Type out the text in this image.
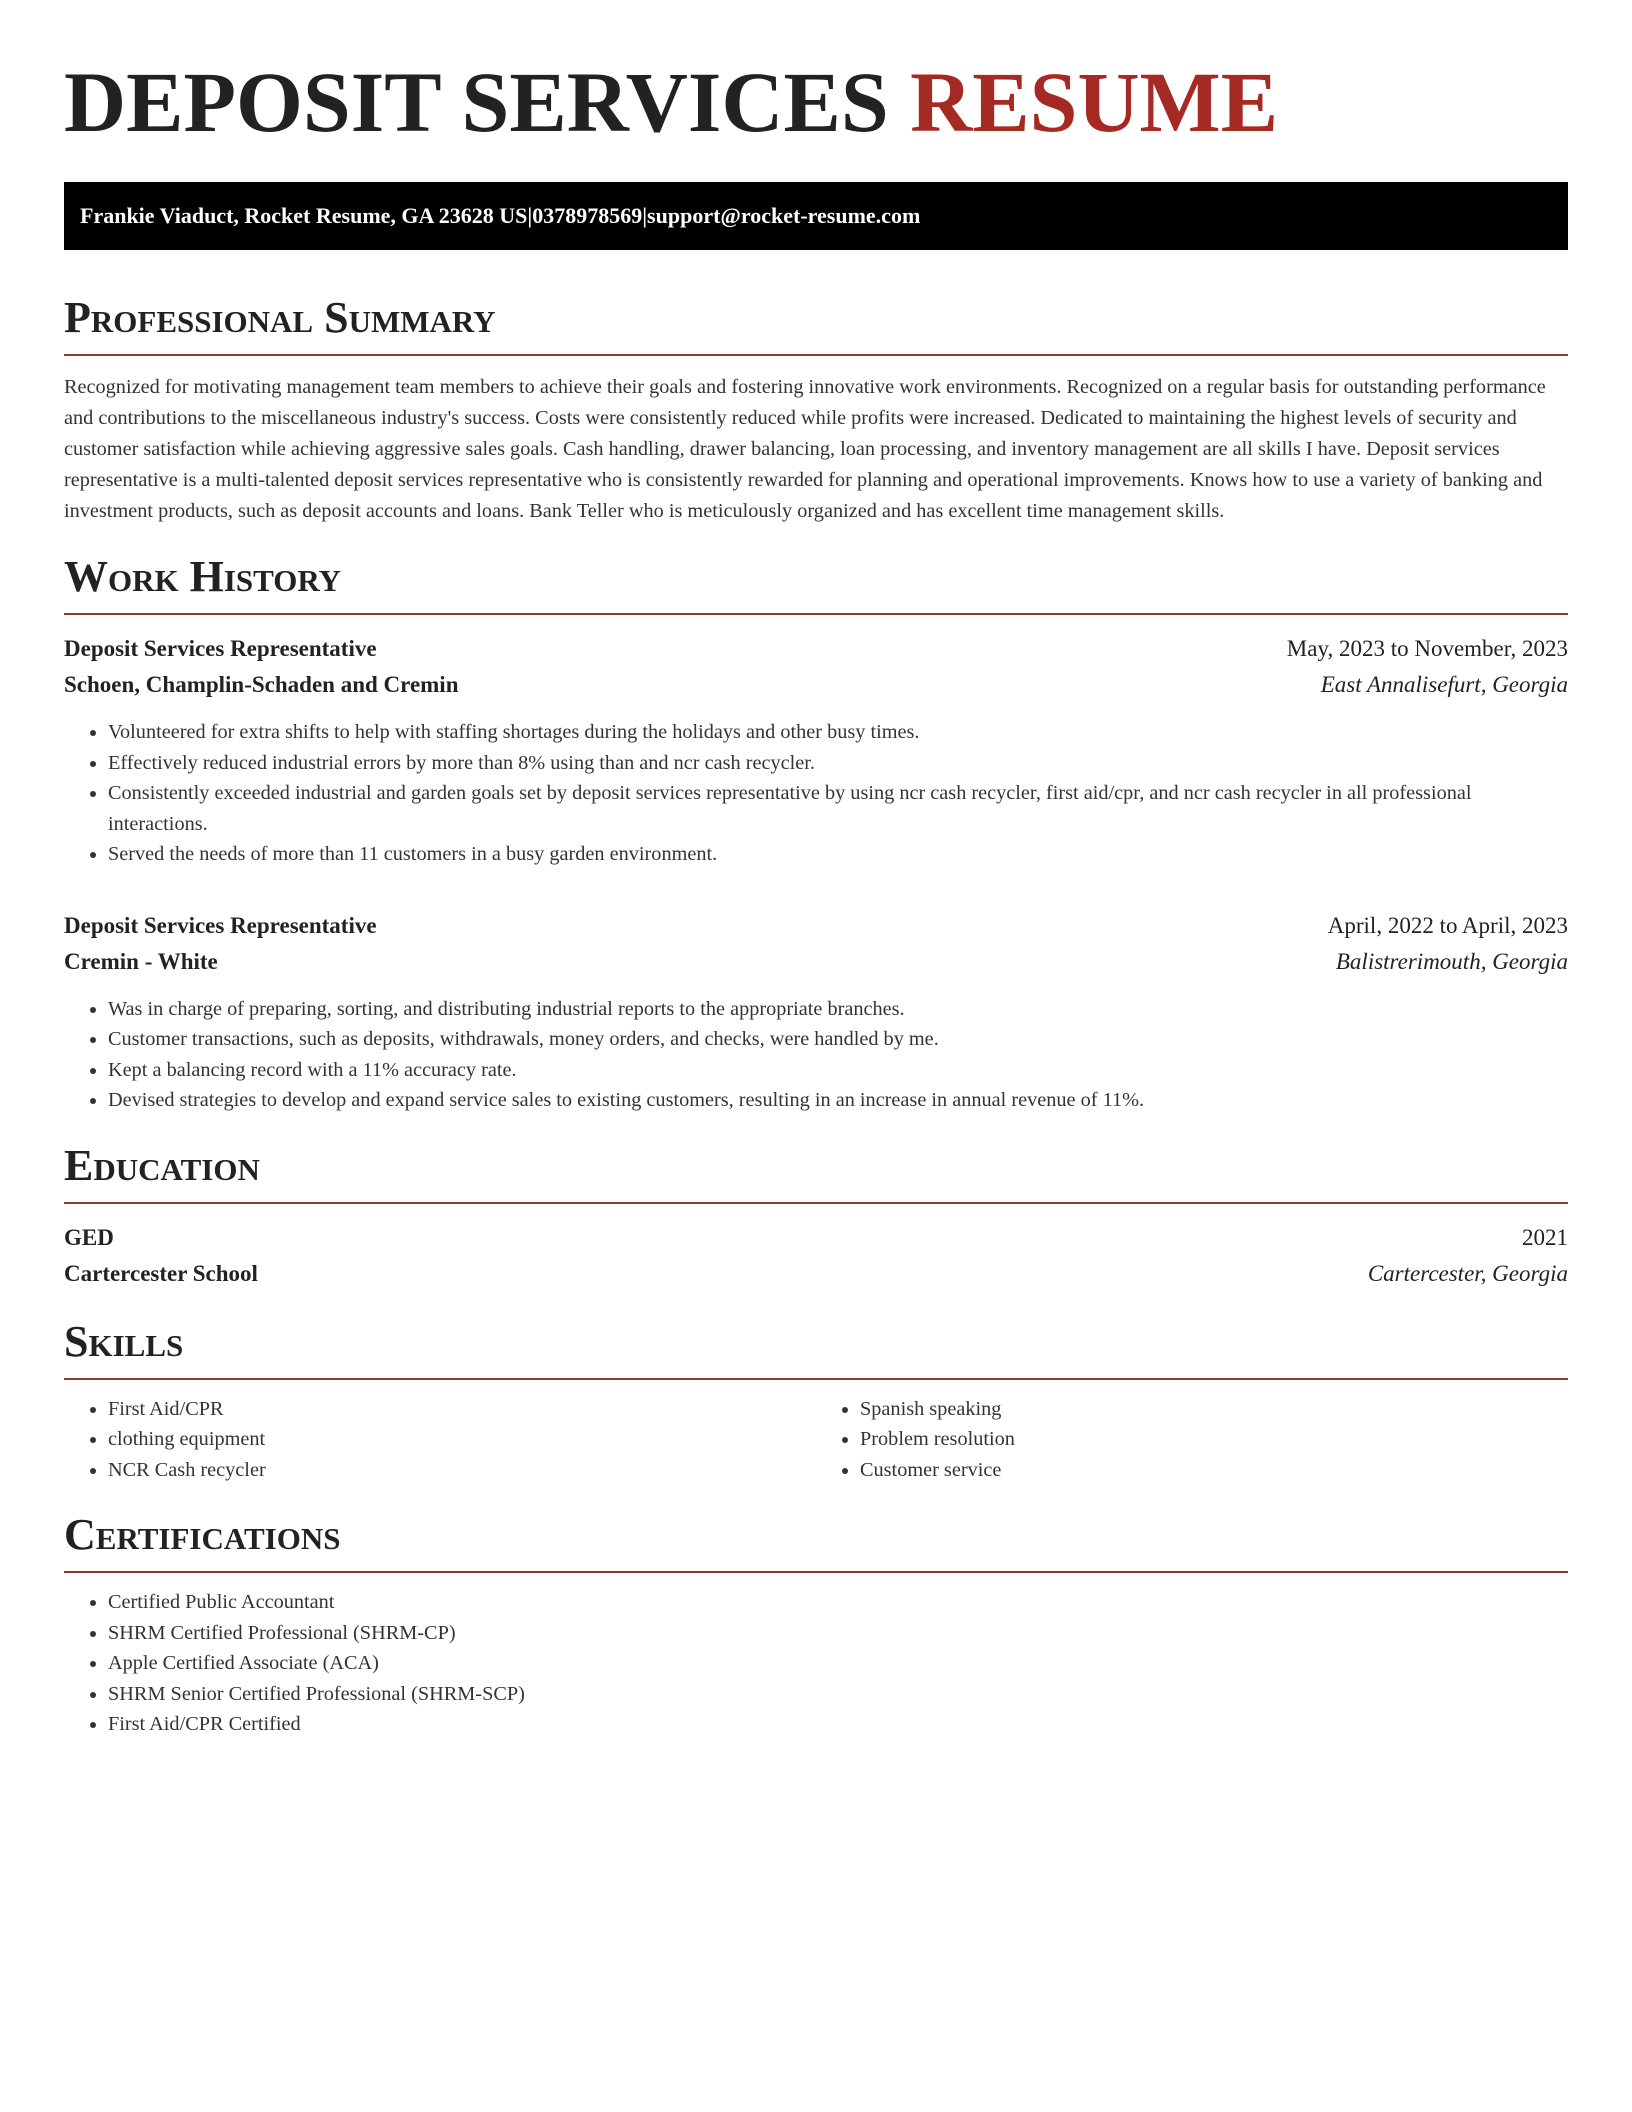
DEPOSIT SERVICES RESUME
Frankie Viaduct, Rocket Resume, GA 23628 US | 0378978569 | support@rocket-resume.com
Professional Summary
Recognized for motivating management team members to achieve their goals and fostering innovative work environments. Recognized on a regular basis for outstanding performance and contributions to the miscellaneous industry's success. Costs were consistently reduced while profits were increased. Dedicated to maintaining the highest levels of security and customer satisfaction while achieving aggressive sales goals. Cash handling, drawer balancing, loan processing, and inventory management are all skills I have. Deposit services representative is a multi-talented deposit services representative who is consistently rewarded for planning and operational improvements. Knows how to use a variety of banking and investment products, such as deposit accounts and loans. Bank Teller who is meticulously organized and has excellent time management skills.
Work History
Deposit Services Representative	May, 2023 to November, 2023
Schoen, Champlin-Schaden and Cremin	East Annalisefurt, Georgia
• Volunteered for extra shifts to help with staffing shortages during the holidays and other busy times.
• Effectively reduced industrial errors by more than 8% using than and ncr cash recycler.
• Consistently exceeded industrial and garden goals set by deposit services representative by using ncr cash recycler, first aid/cpr, and ncr cash recycler in all professional interactions.
• Served the needs of more than 11 customers in a busy garden environment.
Deposit Services Representative	April, 2022 to April, 2023
Cremin - White	Balistrerimouth, Georgia
• Was in charge of preparing, sorting, and distributing industrial reports to the appropriate branches.
• Customer transactions, such as deposits, withdrawals, money orders, and checks, were handled by me.
• Kept a balancing record with a 11% accuracy rate.
• Devised strategies to develop and expand service sales to existing customers, resulting in an increase in annual revenue of 11%.
Education
GED	2021
Cartercester School	Cartercester, Georgia
Skills
• First Aid/CPR
• clothing equipment
• NCR Cash recycler
• Spanish speaking
• Problem resolution
• Customer service
Certifications
• Certified Public Accountant
• SHRM Certified Professional (SHRM-CP)
• Apple Certified Associate (ACA)
• SHRM Senior Certified Professional (SHRM-SCP)
• First Aid/CPR Certified
